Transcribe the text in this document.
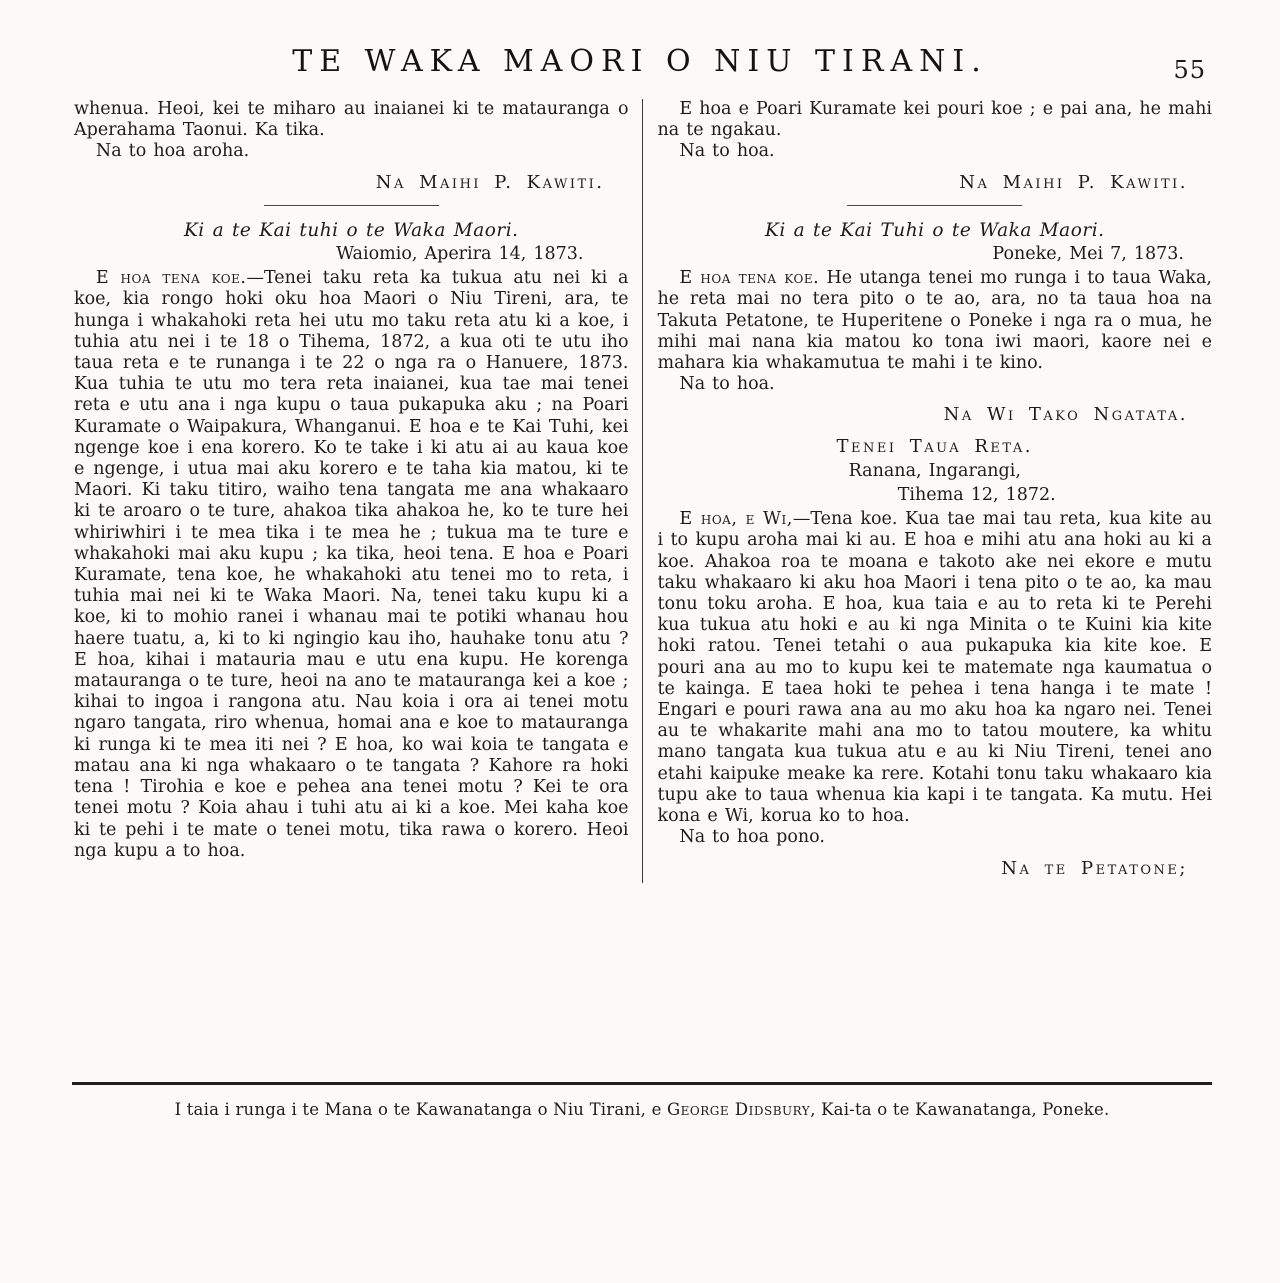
TE WAKA MAORI O NIU TIRANI.	55

whenua. Heoi, kei te miharo au inaianei ki te matauranga o Aperahama Taonui. Ka tika.

Na to hoa aroha.

Na Maihi P. Kawiti.

Ki a te Kai tuhi o te Waka Maori.

Waiomio, Aperira 14, 1873.

E hoa tena koe.—Tenei taku reta ka tukua atu nei ki a koe, kia rongo hoki oku hoa Maori o Niu Tireni, ara, te hunga i whakahoki reta hei utu mo taku reta atu ki a koe, i tuhia atu nei i te 18 o Tihema, 1872, a kua oti te utu iho taua reta e te runanga i te 22 o nga ra o Hanuere, 1873. Kua tuhia te utu mo tera reta inaianei, kua tae mai tenei reta e utu ana i nga kupu o taua pukapuka aku ; na Poari Kuramate o Waipakura, Whanganui. E hoa e te Kai Tuhi, kei ngenge koe i ena korero. Ko te take i ki atu ai au kaua koe e ngenge, i utua mai aku korero e te taha kia matou, ki te Maori. Ki taku titiro, waiho tena tangata me ana whakaaro ki te aroaro o te ture, ahakoa tika ahakoa he, ko te ture hei whiriwhiri i te mea tika i te mea he ; tukua ma te ture e whakahoki mai aku kupu ; ka tika, heoi tena. E hoa e Poari Kuramate, tena koe, he whakahoki atu tenei mo to reta, i tuhia mai nei ki te Waka Maori. Na, tenei taku kupu ki a koe, ki to mohio ranei i whanau mai te potiki whanau hou haere tuatu, a, ki to ki ngingio kau iho, hauhake tonu atu ? E hoa, kihai i matauria mau e utu ena kupu. He korenga matauranga o te ture, heoi na ano te matauranga kei a koe ; kihai to ingoa i rangona atu. Nau koia i ora ai tenei motu ngaro tangata, riro whenua, homai ana e koe to matauranga ki runga ki te mea iti nei ? E hoa, ko wai koia te tangata e matau ana ki nga whakaaro o te tangata ? Kahore ra hoki tena ! Tirohia e koe e pehea ana tenei motu ? Kei te ora tenei motu ? Koia ahau i tuhi atu ai ki a koe. Mei kaha koe ki te pehi i te mate o tenei motu, tika rawa o korero. Heoi nga kupu a to hoa.

E hoa e Poari Kuramate kei pouri koe ; e pai ana, he mahi na te ngakau.

Na to hoa.

Na Maihi P. Kawiti.

Ki a te Kai Tuhi o te Waka Maori.

Poneke, Mei 7, 1873.

E hoa tena koe. He utanga tenei mo runga i to taua Waka, he reta mai no tera pito o te ao, ara, no ta taua hoa na Takuta Petatone, te Huperitene o Poneke i nga ra o mua, he mihi mai nana kia matou ko tona iwi maori, kaore nei e mahara kia whakamutua te mahi i te kino.

Na to hoa.

Na Wi Tako Ngatata.

Tenei Taua Reta.

Ranana, Ingarangi,

Tihema 12, 1872.

E hoa, e Wi,—Tena koe. Kua tae mai tau reta, kua kite au i to kupu aroha mai ki au. E hoa e mihi atu ana hoki au ki a koe. Ahakoa roa te moana e takoto ake nei ekore e mutu taku whakaaro ki aku hoa Maori i tena pito o te ao, ka mau tonu toku aroha. E hoa, kua taia e au to reta ki te Perehi kua tukua atu hoki e au ki nga Minita o te Kuini kia kite hoki ratou. Tenei tetahi o aua pukapuka kia kite koe. E pouri ana au mo to kupu kei te matemate nga kaumatua o te kainga. E taea hoki te pehea i tena hanga i te mate ! Engari e pouri rawa ana au mo aku hoa ka ngaro nei. Tenei au te whakarite mahi ana mo to tatou moutere, ka whitu mano tangata kua tukua atu e au ki Niu Tireni, tenei ano etahi kaipuke meake ka rere. Kotahi tonu taku whakaaro kia tupu ake to taua whenua kia kapi i te tangata. Ka mutu. Hei kona e Wi, korua ko to hoa.

Na to hoa pono.

Na te Petatone;

I taia i runga i te Mana o te Kawanatanga o Niu Tirani, e George Didsbury, Kai-ta o te Kawanatanga, Poneke.
